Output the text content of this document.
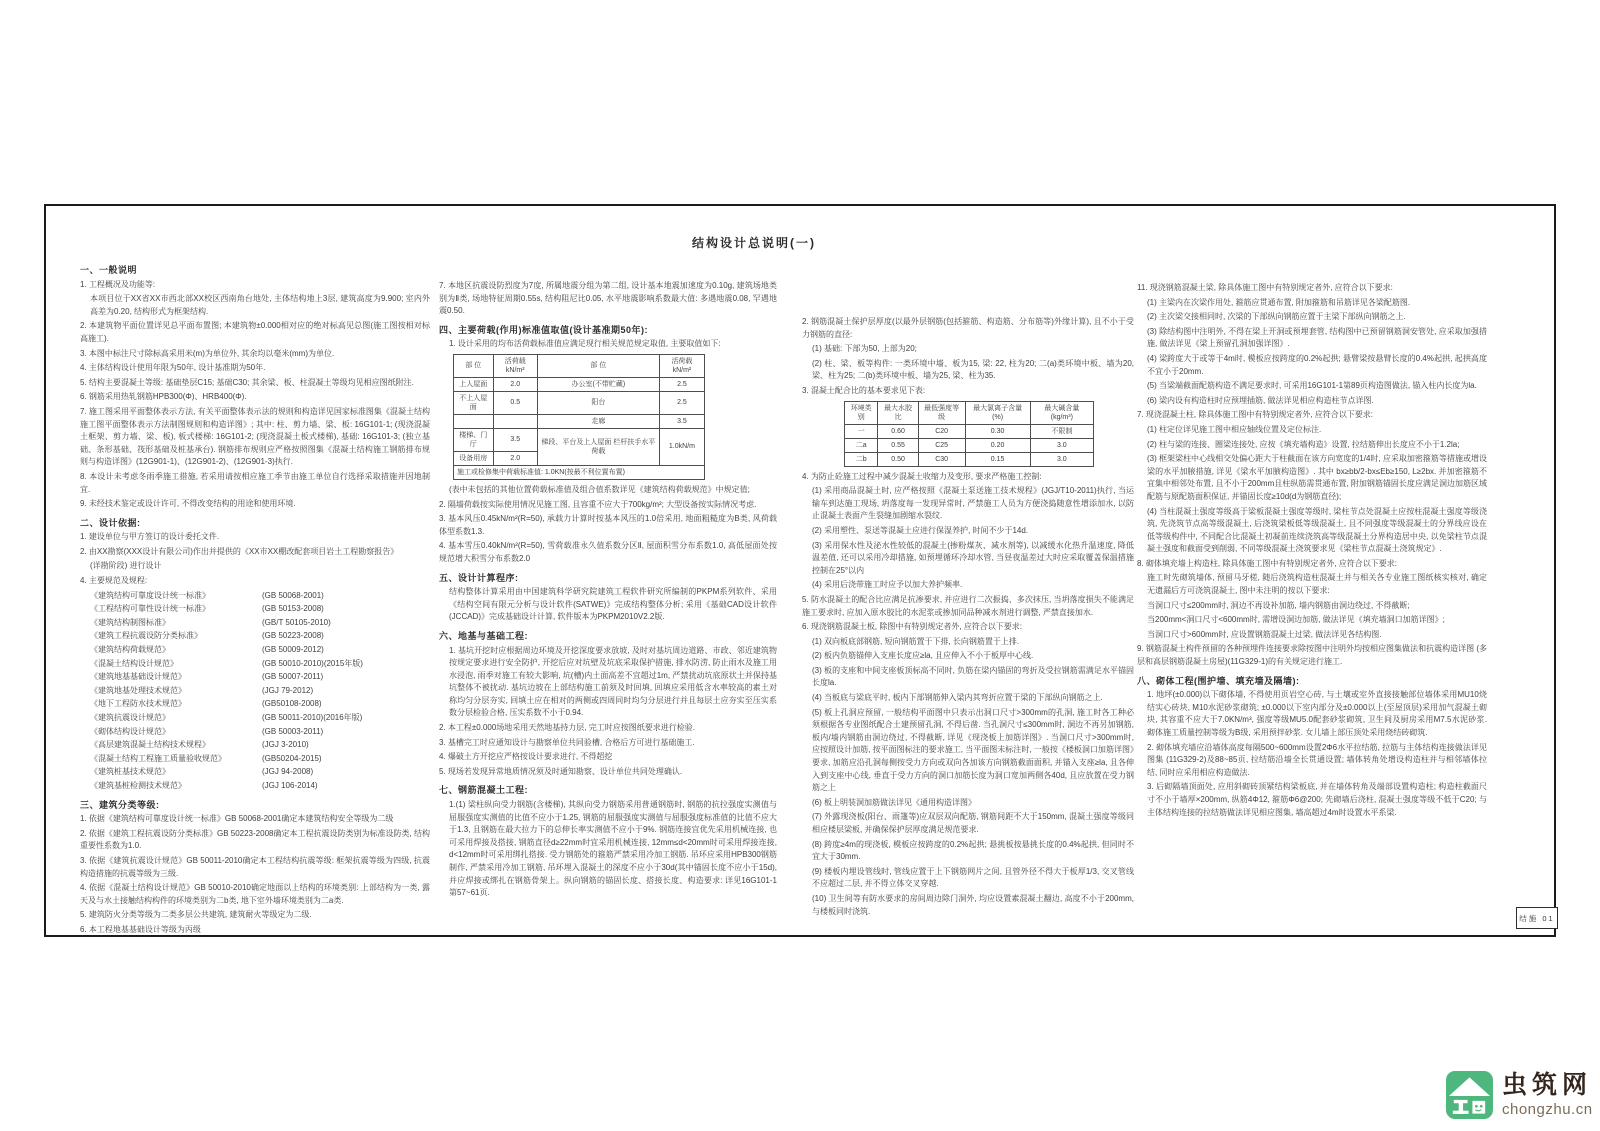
结构设计总说明(一)
结施 01
一、一般说明
1. 工程概况及功能等:
本项目位于XX省XX市西北部XX校区西南角台地处, 主体结构地上3层, 建筑高度为9.900; 室内外高差为0.20, 结构形式为框架结构.
2. 本建筑物平面位置详见总平面布置图; 本建筑物±0.000相对应的绝对标高见总图(施工图按相对标高施工).
3. 本图中标注尺寸除标高采用米(m)为单位外, 其余均以毫米(mm)为单位.
4. 主体结构设计使用年限为50年, 设计基准期为50年.
5. 结构主要混凝土等级: 基础垫层C15; 基础C30; 其余梁、板、柱混凝土等级均见相应图纸附注.
6. 钢筋采用热轧钢筋HPB300(Φ)、HRB400(Φ).
7. 施工图采用平面整体表示方法, 有关平面整体表示法的规则和构造详见国家标准图集《混凝土结构施工图平面整体表示方法制图规则和构造详图》; 其中: 柱、剪力墙、梁、板: 16G101-1; (现浇混凝土框架、剪力墙、梁、板), 板式楼梯: 16G101-2; (现浇混凝土板式楼梯), 基础: 16G101-3; (独立基础、条形基础、筏形基础及桩基承台). 钢筋排布规则应严格按照图集《混凝土结构施工钢筋排布规则与构造详图》(12G901-1)、(12G901-2)、(12G901-3)执行.
8. 本设计未考虑冬雨季施工措施, 若采用请按相应施工季节由施工单位自行选择采取措施并因地制宜.
9. 未经技术鉴定或设计许可, 不得改变结构的用途和使用环境.
二、设计依据:
1. 建设单位与甲方签订的设计委托文件.
2. 由XX勘察(XXX设计有限公司)作出并提供的《XX市XX棚改配套项目岩土工程勘察报告》
(详勘阶段) 进行设计
4. 主要规范及规程:
《建筑结构可靠度设计统一标准》	(GB 50068-2001)
《工程结构可靠性设计统一标准》	(GB 50153-2008)
《建筑结构制图标准》	(GB/T 50105-2010)
《建筑工程抗震设防分类标准》	(GB 50223-2008)
《建筑结构荷载规范》	(GB 50009-2012)
《混凝土结构设计规范》	(GB 50010-2010)(2015年版)
《建筑地基基础设计规范》	(GB 50007-2011)
《建筑地基处理技术规范》	(JGJ 79-2012)
《地下工程防水技术规范》	(GB50108-2008)
《建筑抗震设计规范》	(GB 50011-2010)(2016年版)
《砌体结构设计规范》	(GB 50003-2011)
《高层建筑混凝土结构技术规程》	(JGJ 3-2010)
《混凝土结构工程施工质量验收规范》	(GB50204-2015)
《建筑桩基技术规范》	(JGJ 94-2008)
《建筑基桩检测技术规范》	(JGJ 106-2014)
三、建筑分类等级:
1. 依据《建筑结构可靠度设计统一标准》GB 50068-2001确定本建筑结构安全等级为二级
2. 依据《建筑工程抗震设防分类标准》GB 50223-2008确定本工程抗震设防类别为标准设防类, 结构重要性系数为1.0.
3. 依据《建筑抗震设计规范》GB 50011-2010确定本工程结构抗震等级: 框架抗震等级为四级, 抗震构造措施的抗震等级为三级.
4. 依据《混凝土结构设计规范》GB 50010-2010确定地面以上结构的环境类别: 上部结构为一类, 露天及与水土接触结构构件的环境类别为二b类, 地下室外墙环境类别为二a类.
5. 建筑防火分类等级为二类多层公共建筑, 建筑耐火等级定为二级.
6. 本工程地基基础设计等级为丙级
7. 本地区抗震设防烈度为7度, 所属地震分组为第二组, 设计基本地震加速度为0.10g, 建筑场地类别为Ⅱ类, 场地特征周期0.55s, 结构阻尼比0.05, 水平地震影响系数最大值: 多遇地震0.08, 罕遇地震0.50.
四、主要荷载(作用)标准值取值(设计基准期50年):
1. 设计采用的均布活荷载标准值应满足现行相关规范规定取值, 主要取值如下:
部 位	活荷载kN/m²	部 位	活荷载kN/m²
上人屋面	2.0	办公室(不带贮藏)	2.5
不上人屋面	0.5	阳台	2.5
		走廊	3.5
楼梯、门厅	3.5	梯段、平台及上人屋面 栏杆扶手水平荷载	1.0kN/m
设备用房	2.0		
施工或检修集中荷载标准值: 1.0KN(按最不利位置布置)			
(表中未包括的其他位置荷载标准值及组合值系数详见《建筑结构荷载规范》中规定值;
2. 隔墙荷载按实际使用情况见施工图, 且容重不应大于700kg/m²; 大型设备按实际情况考虑.
3. 基本风压0.45kN/m²(R=50), 承载力计算时按基本风压的1.0倍采用, 地面粗糙度为B类, 风荷载体型系数1.3.
4. 基本雪压0.40kN/m²(R=50), 雪荷载准永久值系数分区Ⅱ, 屋面积雪分布系数1.0, 高低屋面处按规范增大积雪分布系数2.0
五、设计计算程序:
结构整体计算采用由中国建筑科学研究院建筑工程软件研究所编制的PKPM系列软件、采用《结构空间有限元分析与设计软件(SATWE)》完成结构整体分析; 采用《基础CAD设计软件(JCCAD)》完成基础设计计算, 软件版本为PKPM2010V2.2版.
六、地基与基础工程:
1. 基坑开挖时应根据周边环境及开挖深度要求放坡, 及时对基坑周边道路、市政、邻近建筑物按规定要求进行安全防护, 开挖后应对坑壁及坑底采取保护措施, 排水防涝, 防止雨水及施工用水浸泡, 雨季对施工有较大影响, 坑(槽)内土面高差不宜超过1m, 严禁扰动坑底原状土并保持基坑整体不被扰动. 基坑边坡在上部结构施工前须及时回填, 回填应采用低含水率较高的素土对称均匀分层夯实, 回填土应在相对的两侧或四周同时均匀分层进行并且每层土应夯实至压实系数分层检验合格, 压实系数不小于0.94.
2. 本工程±0.000场地采用天然地基持力层, 完工时应按图纸要求进行检验.
3. 基槽完工时应通知设计与勘察单位共同验槽, 合格后方可进行基础施工.
4. 爆破土方开挖应严格按设计要求进行, 不得超挖
5. 现场若发现异常地质情况须及时通知勘察、设计单位共同处理确认.
七、钢筋混凝土工程:
1.(1) 梁柱纵向受力钢筋(含楼梯), 其纵向受力钢筋采用普通钢筋时, 钢筋的抗拉强度实测值与屈服强度实测值的比值不应小于1.25, 钢筋的屈服强度实测值与屈服强度标准值的比值不应大于1.3, 且钢筋在最大拉力下的总伸长率实测值不应小于9%. 钢筋连接宜优先采用机械连接, 也可采用焊接及搭接, 钢筋直径d≥22mm时宜采用机械连接, 12mm≤d<20mm时可采用焊接连接, d<12mm时可采用绑扎搭接. 受力钢筋处的箍筋严禁采用冷加工钢筋. 吊环应采用HPB300钢筋制作, 严禁采用冷加工钢筋, 吊环埋入混凝土的深度不应小于30d(其中锚固长度不应小于15d), 并应焊接或绑扎在钢筋骨架上。纵向钢筋的锚固长度、搭接长度、构造要求: 详见16G101-1第57~61页.
2. 钢筋混凝土保护层厚度(以最外层钢筋(包括箍筋、构造筋、分布筋等)外缘计算), 且不小于受力钢筋的直径:
(1) 基础: 下部为50, 上部为20;
(2) 柱、梁、板等构件: 一类环境中墙、板为15, 梁: 22, 柱为20; 二(a)类环境中板、墙为20, 梁、柱为25; 二(b)类环境中板、墙为25, 梁、柱为35.
3. 混凝土配合比的基本要求见下表:
环境类别	最大水胶比	最低强度等级	最大氯离子含量 (%)	最大碱含量 (kg/m³)
一	0.60	C20	0.30	不限制
二a	0.55	C25	0.20	3.0
二b	0.50	C30	0.15	3.0
4. 为防止砼施工过程中减少混凝土收缩力及变形, 要求严格施工控制:
(1) 采用商品混凝土时, 应严格按照《混凝土泵送施工技术规程》(JGJ/T10-2011)执行, 当运输车到达施工现场, 坍落度每一发现异常时, 严禁施工人员为方便浇捣随意性增添加水, 以防止混凝土表面产生裂缝加剧缩水裂纹.
(2) 采用塑性、泵送等混凝土应进行保湿养护, 时间不少于14d.
(3) 采用保水性及泌水性较低的混凝土(掺粉煤灰、减水剂等), 以减缓水化热升温速度, 降低温差值, 还可以采用冷却措施, 如预埋循环冷却水管, 当昼夜温差过大时应采取覆盖保温措施控制在25°以内
(4) 采用后浇带施工时应予以加大养护频率.
5. 防水混凝土的配合比应满足抗渗要求, 并应进行二次振捣、多次抹压, 当坍落度损失不能满足施工要求时, 应加入原水胶比的水泥浆或掺加同品种减水剂进行调整, 严禁直接加水.
6. 现浇钢筋混凝土板, 除图中有特别规定者外, 应符合以下要求:
(1) 双向板底部钢筋, 短向钢筋置于下排, 长向钢筋置于上排.
(2) 板内负筋锚伸入支座长度应≥la, 且应伸入不小于板厚中心线.
(3) 板的支座和中间支座板顶标高不同时, 负筋在梁内锚固的弯折及受拉钢筋需满足水平锚固长度la.
(4) 当板底与梁底平时, 板内下部钢筋伸入梁内其弯折应置于梁的下部纵向钢筋之上.
(5) 板上孔洞应预留, 一般结构平面图中只表示出洞口尺寸>300mm的孔洞, 施工时各工种必须根据各专业图纸配合土建预留孔洞, 不得后凿. 当孔洞尺寸≤300mm时, 洞边不再另加钢筋, 板内/墙内钢筋由洞边绕过, 不得截断, 详见《现浇板上加筋详图》. 当洞口尺寸>300mm时, 应按照设计加筋, 按平面图标注的要求施工, 当平面图未标注时, 一般按《楼板洞口加筋详图》要求, 加筋应沿孔洞每侧按受力方向或双向各加该方向钢筋截面面积, 并锚入支座≥la, 且各伸入到支座中心线, 垂直于受力方向的洞口加筋长度为洞口宽加两侧各40d, 且应放置在受力钢筋之上
(6) 板上明装洞加筋做法详见《通用构造详图》
(7) 外露现浇板(阳台、雨篷等)应双层双向配筋, 钢筋间距不大于150mm, 混凝土强度等级同相应楼层梁板, 并确保保护层厚度满足规范要求.
(8) 跨度≥4m的现浇板, 模板应按跨度的0.2%起拱; 悬挑板按悬挑长度的0.4%起拱, 但同时不宜大于30mm.
(9) 楼板内埋设管线时, 管线应置于上下钢筋网片之间, 且管外径不得大于板厚1/3, 交叉管线不应超过二层, 并不得立体交叉穿越.
(10) 卫生间等有防水要求的房间周边除门洞外, 均应设置素混凝土翻边, 高度不小于200mm, 与楼板同时浇筑.
11. 现浇钢筋混凝土梁, 除具体施工图中有特别规定者外, 应符合以下要求:
(1) 主梁内在次梁作用处, 箍筋应贯通布置, 附加箍筋和吊筋详见各梁配筋图.
(2) 主次梁交接相同时, 次梁的下部纵向钢筋应置于主梁下部纵向钢筋之上.
(3) 除结构图中注明外, 不得在梁上开洞或预埋套管, 结构图中已预留钢筋洞安管处, 应采取加强措施, 做法详见《梁上预留孔洞加强详图》.
(4) 梁跨度大于或等于4m时, 模板应按跨度的0.2%起拱; 悬臂梁按悬臂长度的0.4%起拱, 起拱高度不宜小于20mm.
(5) 当梁端截面配筋构造不满足要求时, 可采用16G101-1第89页构造图做法, 锚入柱内长度为la.
(6) 梁内设有构造柱时应预埋插筋, 做法详见相应构造柱节点详图.
7. 现浇混凝土柱, 除具体施工图中有特别规定者外, 应符合以下要求:
(1) 柱定位详见施工图中相应轴线位置及定位标注.
(2) 柱与梁的连接、圈梁连接处, 应按《填充墙构造》设置, 拉结筋伸出长度应不小于1.2la;
(3) 框架梁柱中心线相交处偏心距大于柱截面在该方向宽度的1/4时, 应采取加密箍筋等措施或增设梁的水平加腋措施, 详见《梁水平加腋构造图》. 其中 bx≥bb/2-bx≤Eb≥150, L≥2bx. 并加密箍筋不宜集中相邻处布置, 且不小于200mm且柱纵筋需贯通布置, 附加钢筋锚固长度应满足洞边加筋区域配筋与原配筋面积保证, 并锚固长度≥10d(d为钢筋直径);
(4) 当柱混凝土强度等级高于梁板混凝土强度等级时, 梁柱节点处混凝土应按柱混凝土强度等级浇筑, 先浇筑节点高等级混凝土, 后浇筑梁板低等级混凝土, 且不同强度等级混凝土的分界线应设在低等级构件中, 不同配合比混凝土初凝前连续浇筑高等级混凝土分界构造居中央, 以免梁柱节点混凝土强度和截面受到削弱, 不同等级混凝土浇筑要求见《梁柱节点混凝土浇筑规定》.
8. 砌体填充墙上构造柱, 除具体施工图中有特别规定者外, 应符合以下要求:
施工时先砌筑墙体, 预留马牙槎, 随后浇筑构造柱混凝土并与相关各专业施工图纸核实核对, 确定无遗漏后方可浇筑混凝土, 图中未注明的按以下要求:
当洞口尺寸≤200mm时, 洞边不再设补加筋, 墙内钢筋由洞边绕过, 不得截断;
当200mm<洞口尺寸<600mm时, 需增设洞边加筋, 做法详见《填充墙洞口加筋详图》;
当洞口尺寸>600mm时, 应设置钢筋混凝土过梁, 做法详见各结构图.
9. 钢筋混凝土构件预留的各种预埋件连接要求除按图中注明外均按相应图集做法和抗震构造详图 (多层和高层钢筋混凝土房屋)(11G329-1)的有关规定进行施工.
八、砌体工程(围护墙、填充墙及隔墙):
1. 地坪(±0.000)以下砌体墙, 不得使用页岩空心砖, 与土壤或室外直接接触部位墙体采用MU10烧结实心砖块, M10水泥砂浆砌筑; ±0.000以下室内部分及±0.000以上(至屋顶层)采用加气混凝土砌块, 其容重不应大于7.0KN/m³, 强度等级MU5.0配套砂浆砌筑, 卫生间及厨房采用M7.5水泥砂浆. 砌体施工质量控制等级为B级, 采用预拌砂浆. 女儿墙上部压顶处采用烧结砖砌筑.
2. 砌体填充墙应沿墙体高度每隔500~600mm设置2Φ6水平拉结筋, 拉筋与主体结构连接做法详见图集 (11G329-2)及88~85页, 拉结筋沿墙全长贯通设置; 墙体转角处增设构造柱并与相邻墙体拉结, 同时应采用相应构造做法.
3. 后砌隔墙顶面处, 应用斜砌砖顶紧结构梁板底, 并在墙体转角及端部设置构造柱; 构造柱截面尺寸不小于墙厚×200mm, 纵筋4Φ12, 箍筋Φ6@200; 先砌墙后浇柱, 混凝土强度等级不低于C20; 与主体结构连接的拉结筋做法详见相应图集, 墙高超过4m时设置水平系梁.
虫筑网
chongzhu.cn
